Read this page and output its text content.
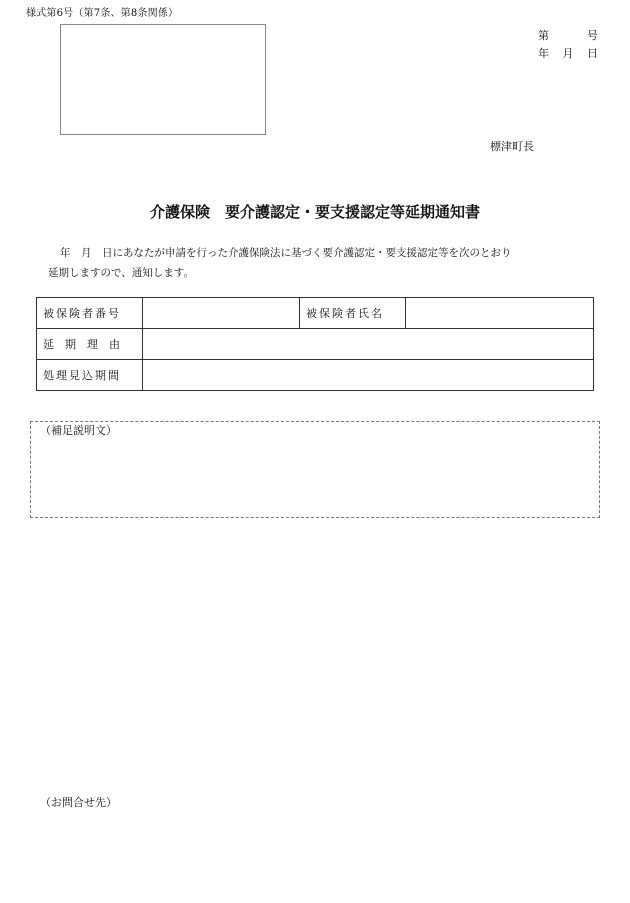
様式第6号（第7条、第8条関係）
第	号
年 月 日
標津町長
介護保険　要介護認定・要支援認定等延期通知書
年　月　日にあなたが申請を行った介護保険法に基づく要介護認定・要支援認定等を次のとおり
延期しますので、通知します。
被保険者番号		被保険者氏名	
延期理由			
処理見込期間			
（補足説明文）
（お問合せ先）
